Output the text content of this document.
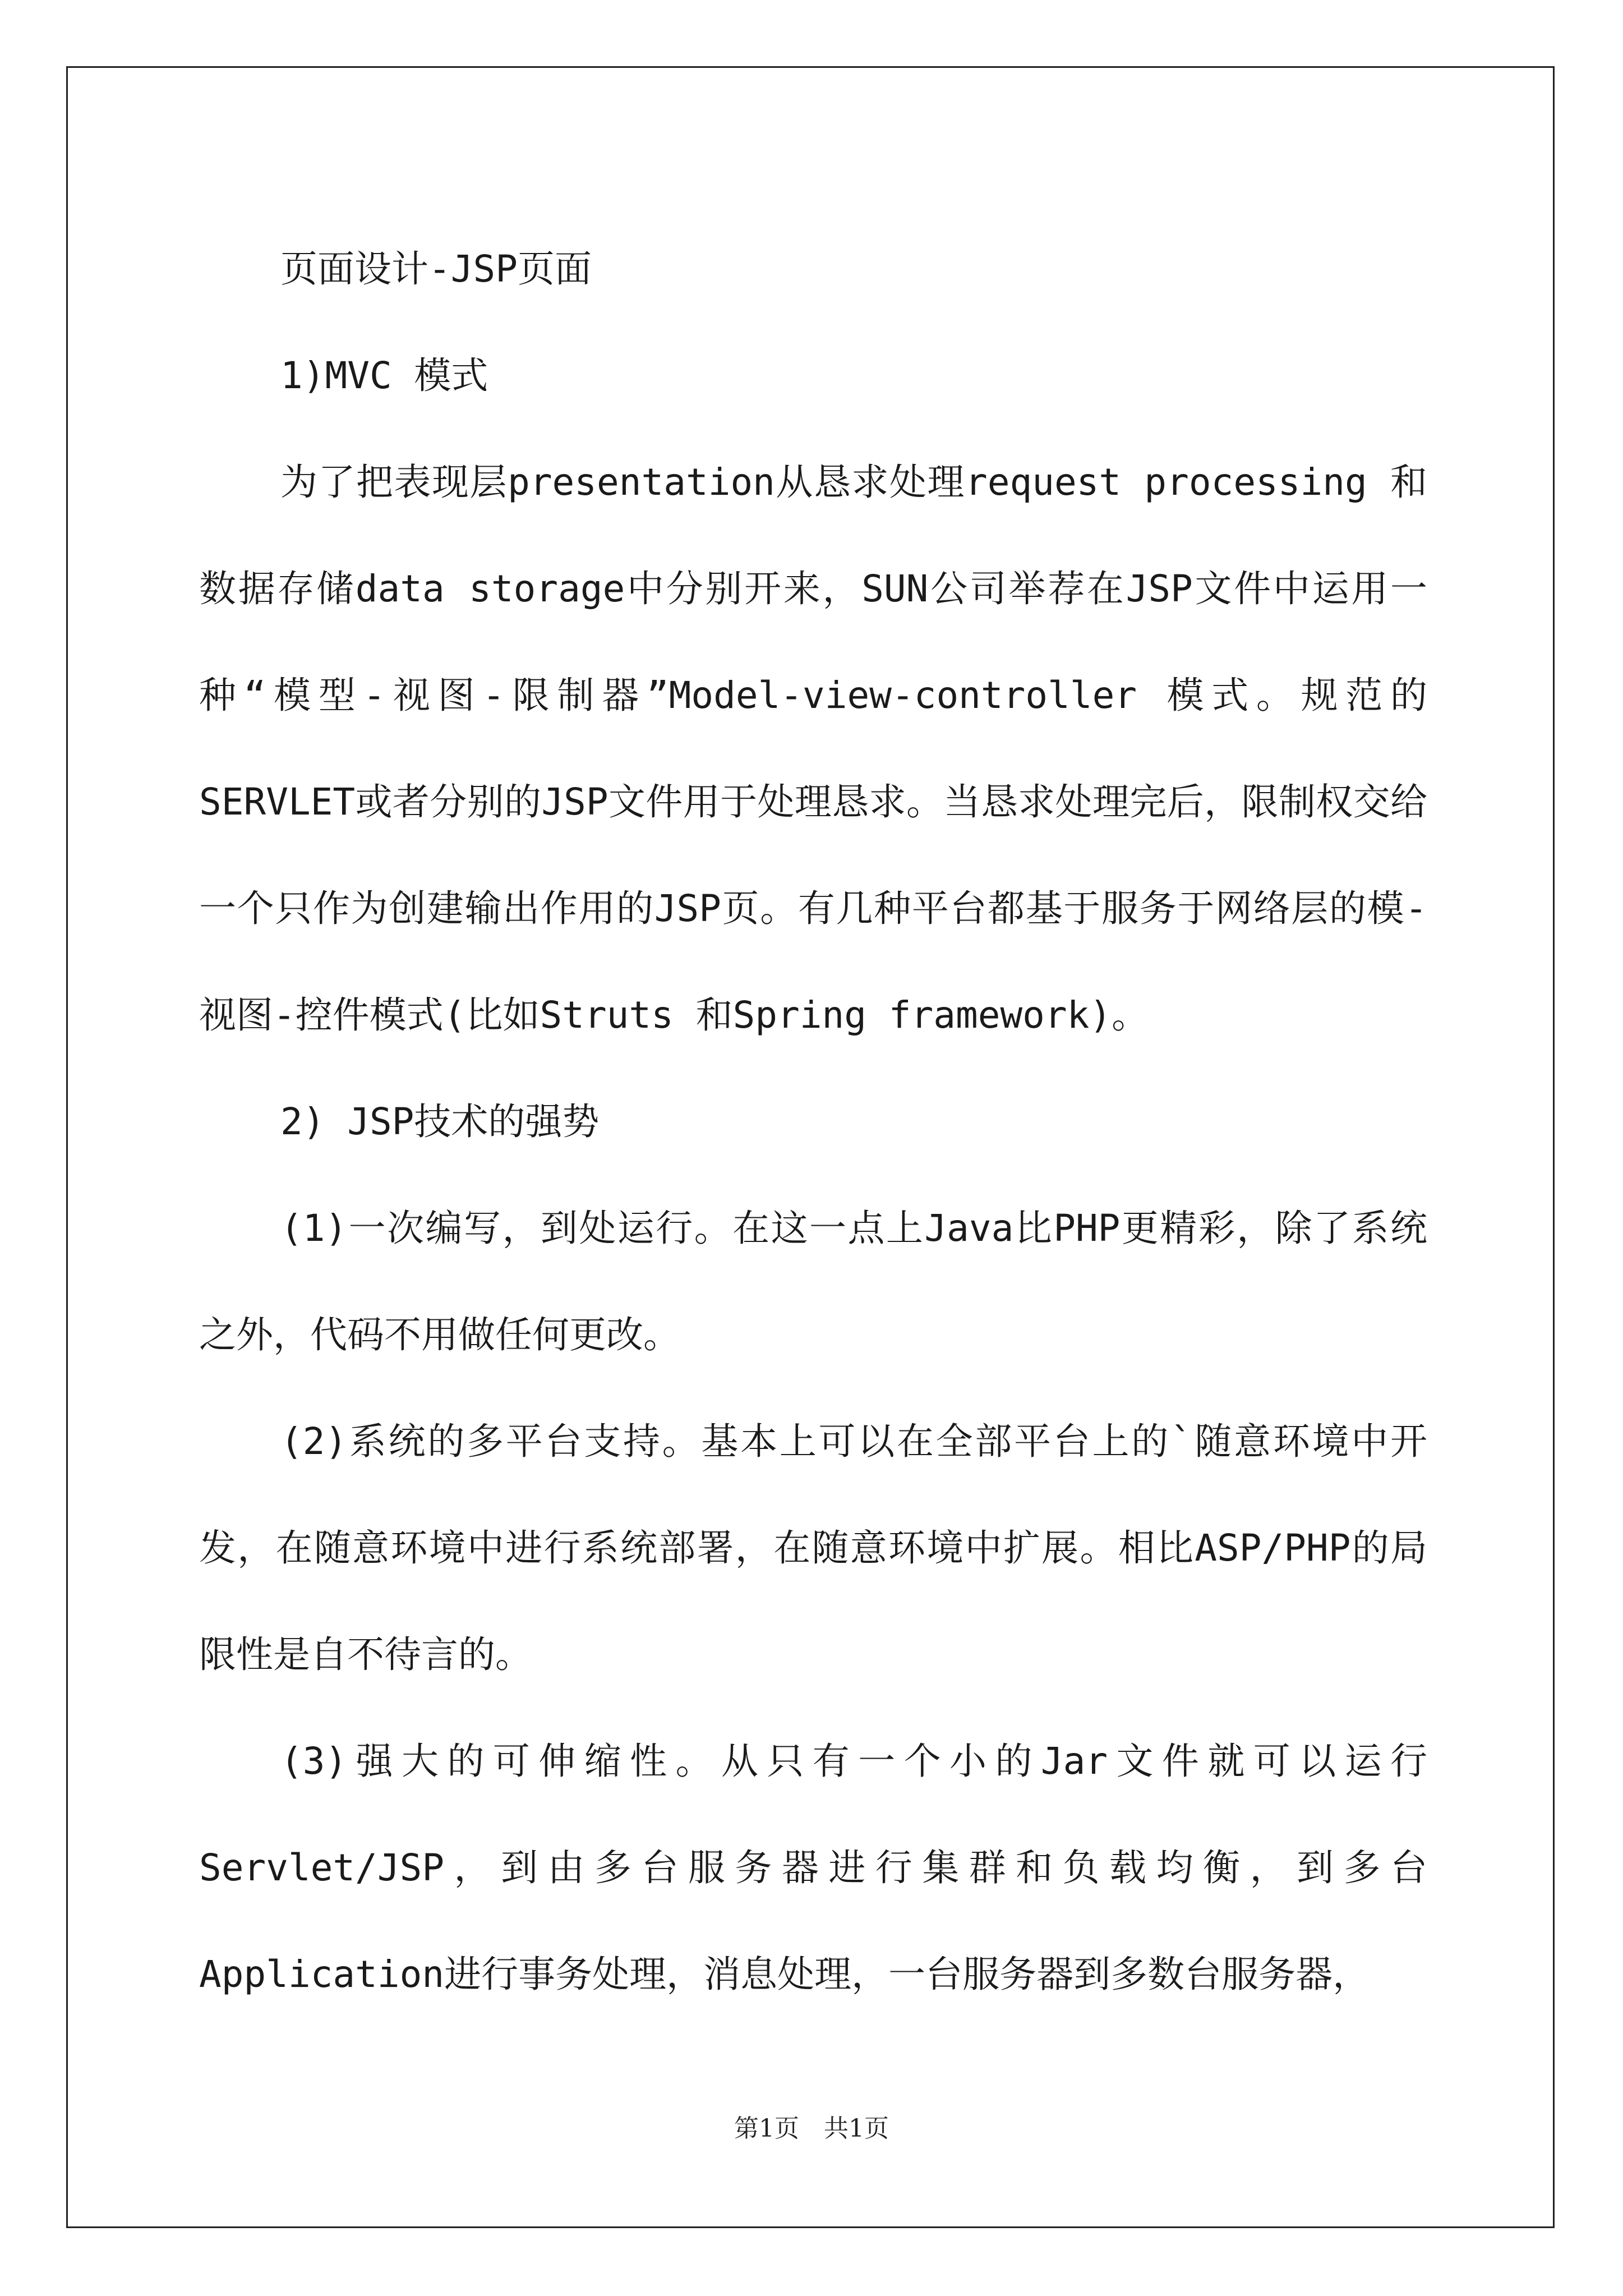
页面设计-JSP页面

1)MVC 模式

为了把表现层presentation从恳求处理request processing 和数据存储data storage中分别开来，SUN公司举荐在JSP文件中运用一种“模型-视图-限制器”Model-view-controller 模式。规范的SERVLET或者分别的JSP文件用于处理恳求。当恳求处理完后，限制权交给一个只作为创建输出作用的JSP页。有几种平台都基于服务于网络层的模-视图-控件模式(比如Struts 和Spring framework)。

2) JSP技术的强势

(1)一次编写，到处运行。在这一点上Java比PHP更精彩，除了系统之外，代码不用做任何更改。

(2)系统的多平台支持。基本上可以在全部平台上的`随意环境中开发，在随意环境中进行系统部署，在随意环境中扩展。相比ASP/PHP的局限性是自不待言的。

(3)强大的可伸缩性。从只有一个小的Jar文件就可以运行Servlet/JSP，到由多台服务器进行集群和负载均衡，到多台Application进行事务处理，消息处理，一台服务器到多数台服务器，

第1页　共1页
